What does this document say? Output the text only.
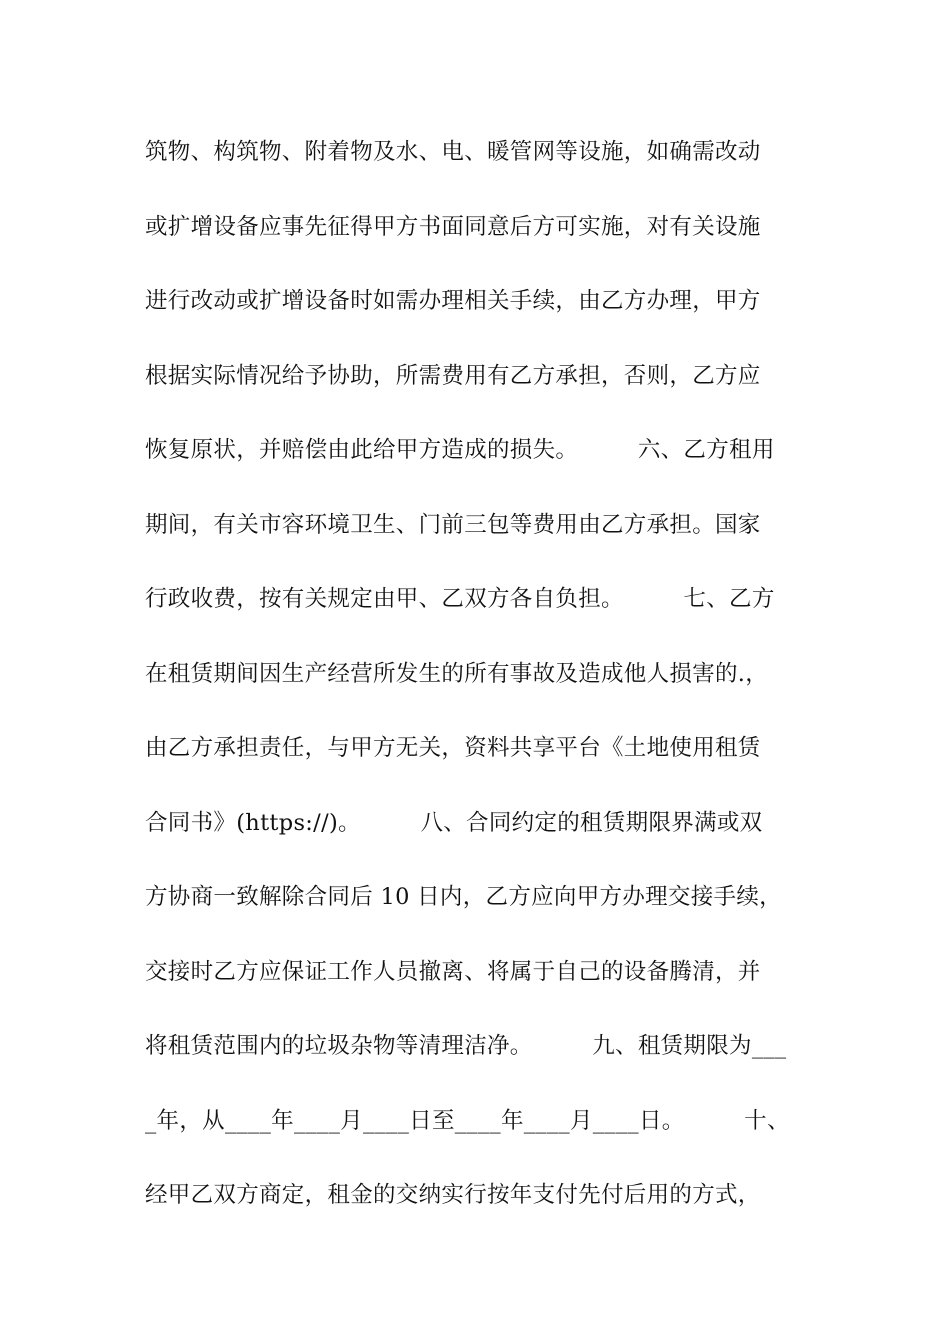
筑物、构筑物、附着物及水、电、暖管网等设施，如确需改动
或扩增设备应事先征得甲方书面同意后方可实施，对有关设施
进行改动或扩增设备时如需办理相关手续，由乙方办理，甲方
根据实际情况给予协助，所需费用有乙方承担，否则，乙方应
恢复原状，并赔偿由此给甲方造成的损失。        六、乙方租用
期间，有关市容环境卫生、门前三包等费用由乙方承担。国家
行政收费，按有关规定由甲、乙双方各自负担。        七、乙方
在租赁期间因生产经营所发生的所有事故及造成他人损害的.，
由乙方承担责任，与甲方无关，资料共享平台《土地使用租赁
合同书》(https://)。        八、合同约定的租赁期限界满或双
方协商一致解除合同后 10 日内，乙方应向甲方办理交接手续，
交接时乙方应保证工作人员撤离、将属于自己的设备腾清，并
将租赁范围内的垃圾杂物等清理洁净。        九、租赁期限为___
_年，从____年____月____日至____年____月____日。        十、
经甲乙双方商定，租金的交纳实行按年支付先付后用的方式，
